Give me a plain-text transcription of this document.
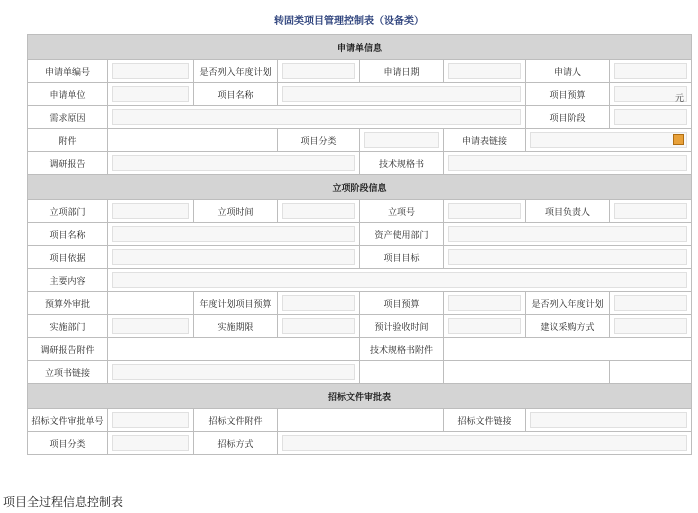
转固类项目管理控制表（设备类）
申请单信息							
申请单编号		是否列入年度计划		申请日期		申请人	

申请单位		项目名称				项目预算	元

需求原因						项目阶段	

附件			项目分类		申请表链接		

调研报告				技术规格书			

立项阶段信息							
立项部门		立项时间		立项号		项目负责人	

项目名称				资产使用部门			

项目依据				项目目标			

主要内容							

预算外审批		年度计划项目预算		项目预算		是否列入年度计划	

实施部门		实施期限		预计验收时间		建议采购方式	

调研报告附件				技术规格书附件			
立项书链接				

招标文件审批表							
招标文件审批单号		招标文件附件			招标文件链接		

项目分类		招标方式					
项目全过程信息控制表
